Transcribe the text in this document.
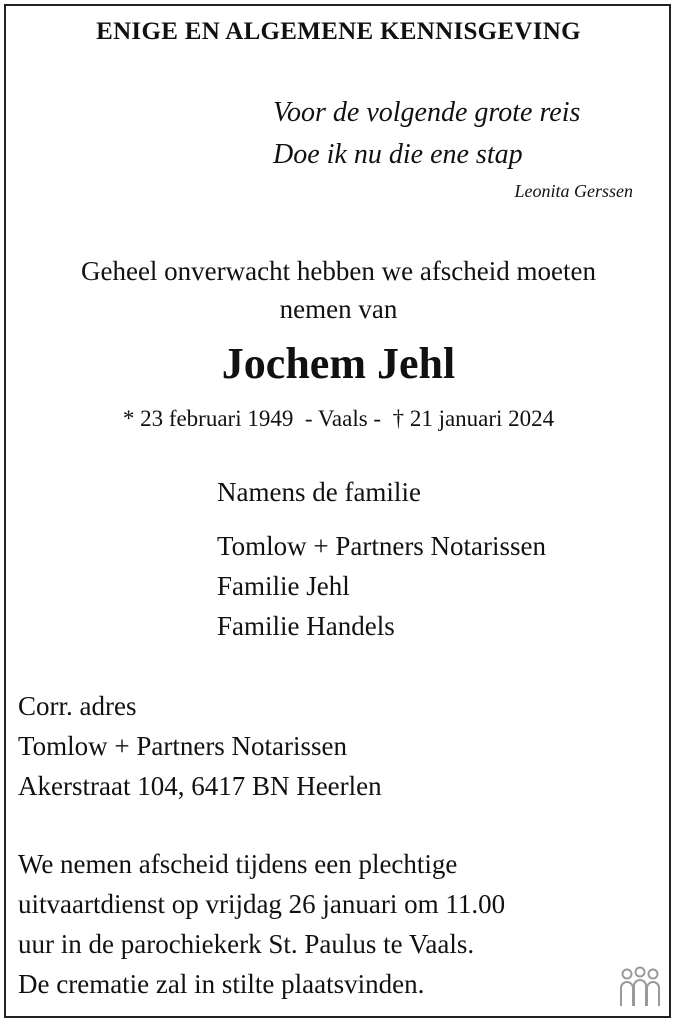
ENIGE EN ALGEMENE KENNISGEVING
Voor de volgende grote reis
Doe ik nu die ene stap
Leonita Gerssen
Geheel onverwacht hebben we afscheid moeten
nemen van
Jochem Jehl
* 23 februari 1949  - Vaals -  † 21 januari 2024
Namens de familie
Tomlow + Partners Notarissen
Familie Jehl
Familie Handels
Corr. adres
Tomlow + Partners Notarissen
Akerstraat 104, 6417 BN Heerlen
We nemen afscheid tijdens een plechtige
uitvaartdienst op vrijdag 26 januari om 11.00
uur in de parochiekerk St. Paulus te Vaals.
De crematie zal in stilte plaatsvinden.
